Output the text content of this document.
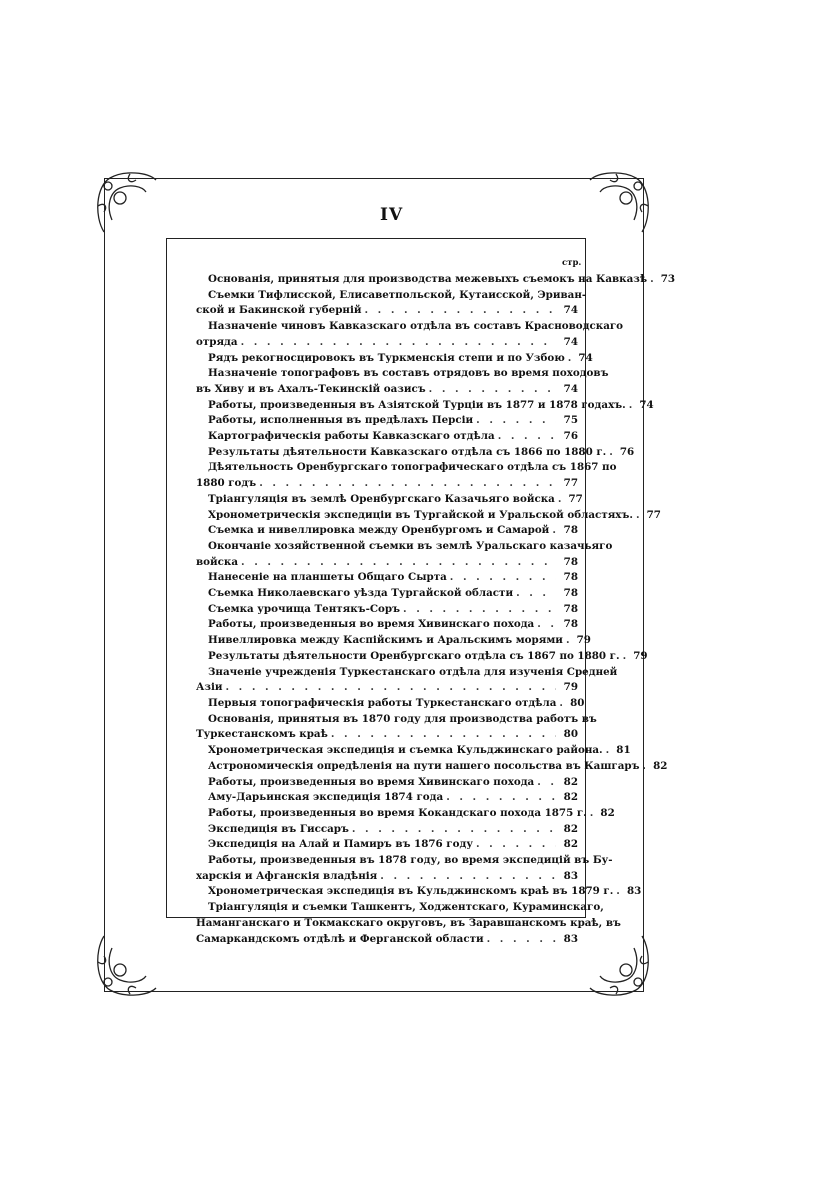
IV
стр.
Основанія, принятыя для производства межевыхъ съемокъ на Кавказѣ . . .	73
Съемки Тифлисской, Елисаветпольской, Кутаисской, Эриван-
ской и Бакинской губерній . . .	74
Назначеніе чиновъ Кавказскаго отдѣла въ составъ Красноводскаго
отряда . . .	74
Рядъ рекогносцировокъ въ Туркменскія степи и по Узбою . . .	74
Назначеніе топографовъ въ составъ отрядовъ во время походовъ
въ Хиву и въ Ахалъ-Текинскій оазисъ . . .	74
Работы, произведенныя въ Азіятской Турціи въ 1877 и 1878 годахъ. . . .	74
Работы, исполненныя въ предѣлахъ Персіи . . .	75
Картографическія работы Кавказскаго отдѣла . . .	76
Результаты дѣятельности Кавказскаго отдѣла съ 1866 по 1880 г. . . .	76
Дѣятельность Оренбургскаго топографическаго отдѣла съ 1867 по
1880 годъ . . .	77
Тріангуляція въ землѣ Оренбургскаго Казачьяго войска . . .	77
Хронометрическія экспедиціи въ Тургайской и Уральской областяхъ. . . .	77
Съемка и нивеллировка между Оренбургомъ и Самарой . . .	78
Окончаніе хозяйственной съемки въ землѣ Уральскаго казачьяго
войска . . .	78
Нанесеніе на планшеты Общаго Сырта . . .	78
Съемка Николаевскаго уѣзда Тургайской области . . .	78
Съемка урочища Тентякъ-Соръ . . .	78
Работы, произведенныя во время Хивинскаго похода . . .	78
Нивеллировка между Каспійскимъ и Аральскимъ морями . . .	79
Результаты дѣятельности Оренбургскаго отдѣла съ 1867 по 1880 г. . . .	79
Значеніе учрежденія Туркестанскаго отдѣла для изученія Средней
Азіи . . .	79
Первыя топографическія работы Туркестанскаго отдѣла . . .	80
Основанія, принятыя въ 1870 году для производства работъ въ
Туркестанскомъ краѣ . . .	80
Хронометрическая экспедиція и съемка Кульджинскаго района. . . .	81
Астрономическія опредѣленія на пути нашего посольства въ Кашгаръ . . .	82
Работы, произведенныя во время Хивинскаго похода . . .	82
Аму-Дарьинская экспедиція 1874 года . . .	82
Работы, произведенныя во время Кокандскаго похода 1875 г. . . .	82
Экспедиція въ Гиссаръ . . .	82
Экспедиція на Алай и Памиръ въ 1876 году . . .	82
Работы, произведенныя въ 1878 году, во время экспедицій въ Бу-
харскія и Афганскія владѣнія . . .	83
Хронометрическая экспедиція въ Кульджинскомъ краѣ въ 1879 г. . . .	83
Тріангуляція и съемки Ташкентъ, Ходжентскаго, Кураминскаго,
Наманганскаго и Токмакскаго округовъ, въ Заравшанскомъ краѣ, въ
Самаркандскомъ отдѣлѣ и Ферганской области . . .	83
